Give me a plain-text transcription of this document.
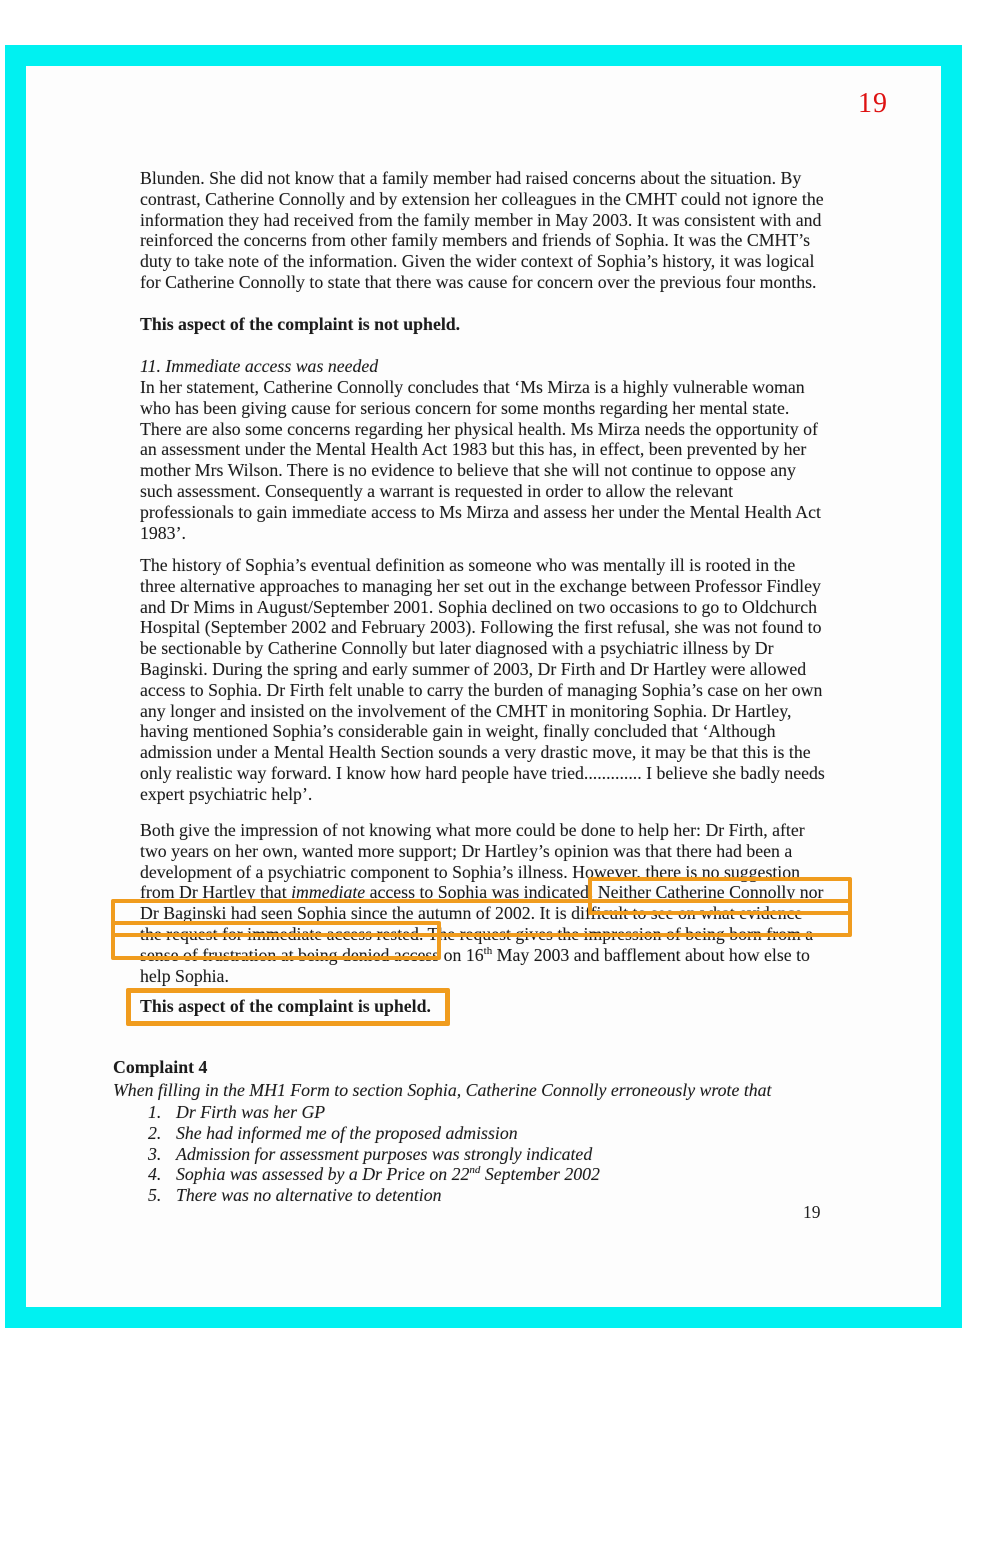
19
Blunden. She did not know that a family member had raised concerns about the situation. By
contrast, Catherine Connolly and by extension her colleagues in the CMHT could not ignore the
information they had received from the family member in May 2003. It was consistent with and
reinforced the concerns from other family members and friends of Sophia. It was the CMHT’s
duty to take note of the information. Given the wider context of Sophia’s history, it was logical
for Catherine Connolly to state that there was cause for concern over the previous four months.
This aspect of the complaint is not upheld.
11. Immediate access was needed
In her statement, Catherine Connolly concludes that ‘Ms Mirza is a highly vulnerable woman
who has been giving cause for serious concern for some months regarding her mental state.
There are also some concerns regarding her physical health. Ms Mirza needs the opportunity of
an assessment under the Mental Health Act 1983 but this has, in effect, been prevented by her
mother Mrs Wilson. There is no evidence to believe that she will not continue to oppose any
such assessment. Consequently a warrant is requested in order to allow the relevant
professionals to gain immediate access to Ms Mirza and assess her under the Mental Health Act
1983’.
The history of Sophia’s eventual definition as someone who was mentally ill is rooted in the
three alternative approaches to managing her set out in the exchange between Professor Findley
and Dr Mims in August/September 2001. Sophia declined on two occasions to go to Oldchurch
Hospital (September 2002 and February 2003). Following the first refusal, she was not found to
be sectionable by Catherine Connolly but later diagnosed with a psychiatric illness by Dr
Baginski. During the spring and early summer of 2003, Dr Firth and Dr Hartley were allowed
access to Sophia. Dr Firth felt unable to carry the burden of managing Sophia’s case on her own
any longer and insisted on the involvement of the CMHT in monitoring Sophia. Dr Hartley,
having mentioned Sophia’s considerable gain in weight, finally concluded that ‘Although
admission under a Mental Health Section sounds a very drastic move, it may be that this is the
only realistic way forward. I know how hard people have tried............. I believe she badly needs
expert psychiatric help’.
Both give the impression of not knowing what more could be done to help her: Dr Firth, after
two years on her own, wanted more support; Dr Hartley’s opinion was that there had been a
development of a psychiatric component to Sophia’s illness. However, there is no suggestion
from Dr Hartley that immediate access to Sophia was indicated. Neither Catherine Connolly nor
Dr Baginski had seen Sophia since the autumn of 2002. It is difficult to see on what evidence
the request for immediate access rested. The request gives the impression of being born from a
sense of frustration at being denied access on 16th May 2003 and bafflement about how else to
help Sophia.
This aspect of the complaint is upheld.
Complaint 4
When filling in the MH1 Form to section Sophia, Catherine Connolly erroneously wrote that
1. Dr Firth was her GP
2. She had informed me of the proposed admission
3. Admission for assessment purposes was strongly indicated
4. Sophia was assessed by a Dr Price on 22nd September 2002
5. There was no alternative to detention
19
